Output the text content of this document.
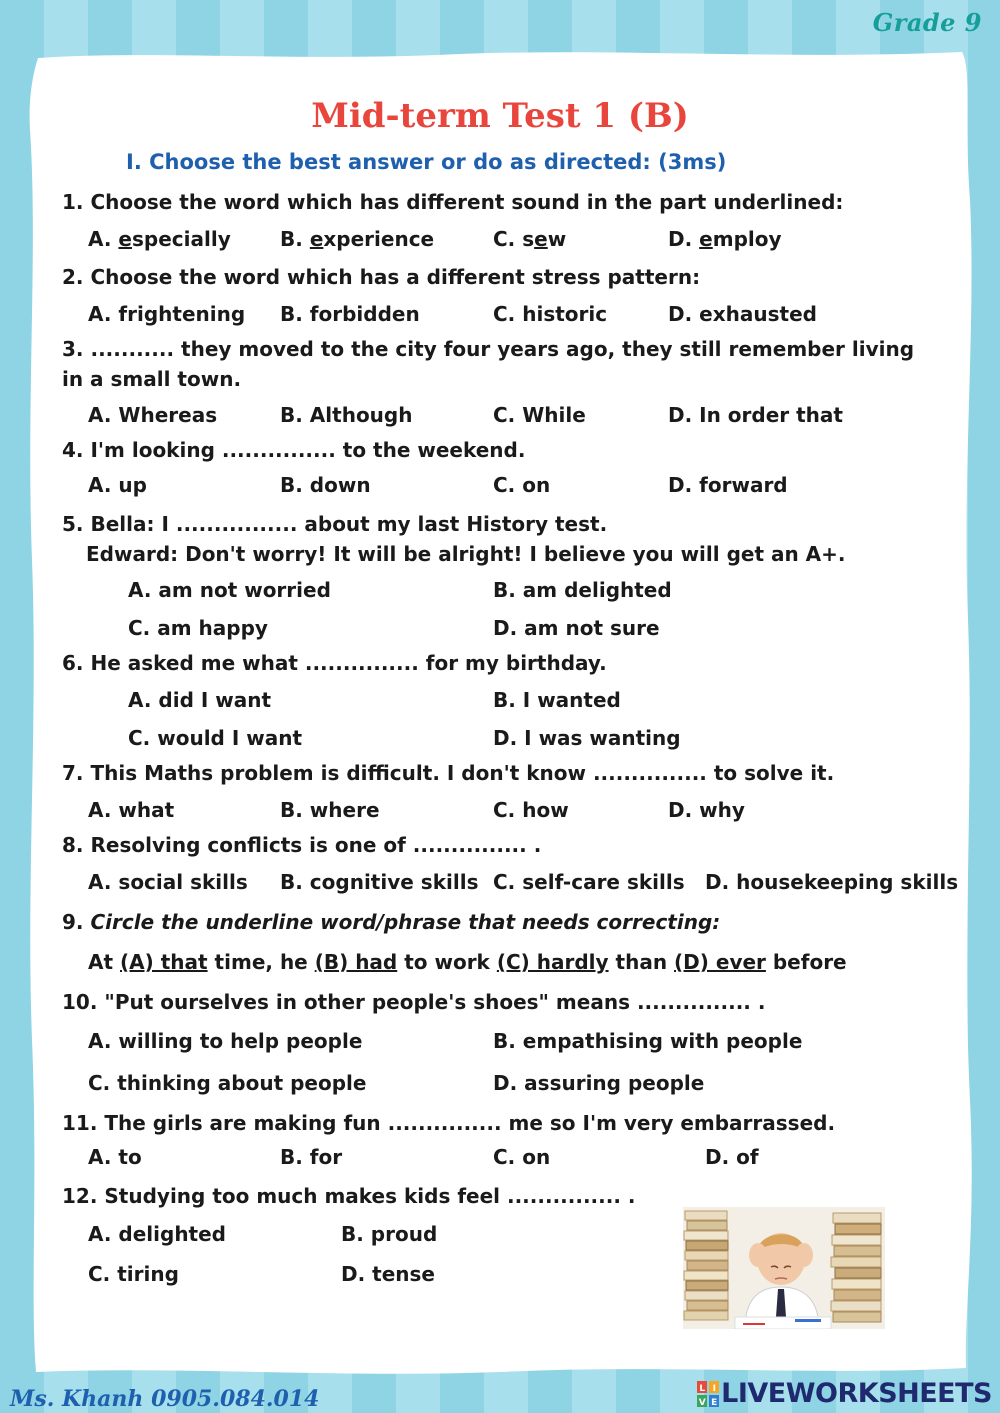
Grade 9
Mid-term Test 1 (B)
I. Choose the best answer or do as directed: (3ms)
1. Choose the word which has different sound in the part underlined:
A. especially B. experience	C. sew	D. employ
2. Choose the word which has a different stress pattern:
A. frightening B. forbidden	C. historic	D. exhausted
3. ........... they moved to the city four years ago, they still remember living in a small town.
A. Whereas	B. Although	C. While	D. In order that
4. I'm looking ............... to the weekend.
A. up	B. down	C. on	D. forward
5. Bella: I ................ about my last History test.
Edward: Don't worry! It will be alright! I believe you will get an A+.
A. am not worried	B. am delighted
C. am happy	D. am not sure
6. He asked me what ............... for my birthday.
A. did I want	B. I wanted
C. would I want	D. I was wanting
7. This Maths problem is difficult. I don't know ............... to solve it.
A. what	B. where	C. how	D. why
8. Resolving conflicts is one of ............... .
A. social skills B. cognitive skills C. self-care skills D. housekeeping skills
9. Circle the underline word/phrase that needs correcting:
At (A) that time, he (B) had to work (C) hardly than (D) ever before
10. "Put ourselves in other people's shoes" means ............... .
A. willing to help people	B. empathising with people
C. thinking about people	D. assuring people
11. The girls are making fun ............... me so I'm very embarrassed.
A. to	B. for	C. on	D. of
12. Studying too much makes kids feel ............... .
A. delighted	B. proud
C. tiring	D. tense
Ms. Khanh 0905.084.014	L I
V E LIVEWORKSHEETS
